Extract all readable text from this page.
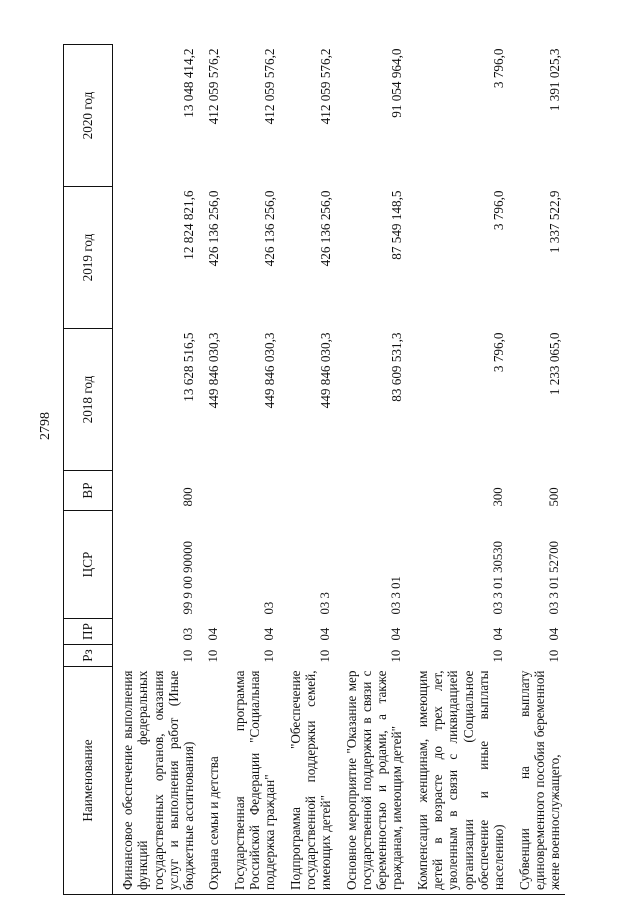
2798
Наименование	Рз	ПР	ЦСР	ВР	2018 год	2019 год	2020 год
Финансовое обеспечение выполнения функций федеральных государственных органов, оказания услуг и выполнения работ (Иные бюджетные ассигнования)	10	03	99 9 00 90000	800	13 628 516,5	12 824 821,6	13 048 414,2
Охрана семьи и детства	10	04			449 846 030,3	426 136 256,0	412 059 576,2
Государственная программа Российской Федерации "Социальная поддержка граждан"	10	04	03		449 846 030,3	426 136 256,0	412 059 576,2
Подпрограмма "Обеспечение государственной поддержки семей, имеющих детей"	10	04	03 3		449 846 030,3	426 136 256,0	412 059 576,2
Основное мероприятие "Оказание мер государственной поддержки в связи с беременностью и родами, а также гражданам, имеющим детей"	10	04	03 3 01		83 609 531,3	87 549 148,5	91 054 964,0
Компенсации женщинам, имеющим детей в возрасте до трех лет, уволенным в связи с ликвидацией организации (Социальное обеспечение и иные выплаты населению)	10	04	03 3 01 30530	300	3 796,0	3 796,0	3 796,0
Субвенции на выплату единовременного пособия беременной жене военнослужащего,	10	04	03 3 01 52700	500	1 233 065,0	1 337 522,9	1 391 025,3
